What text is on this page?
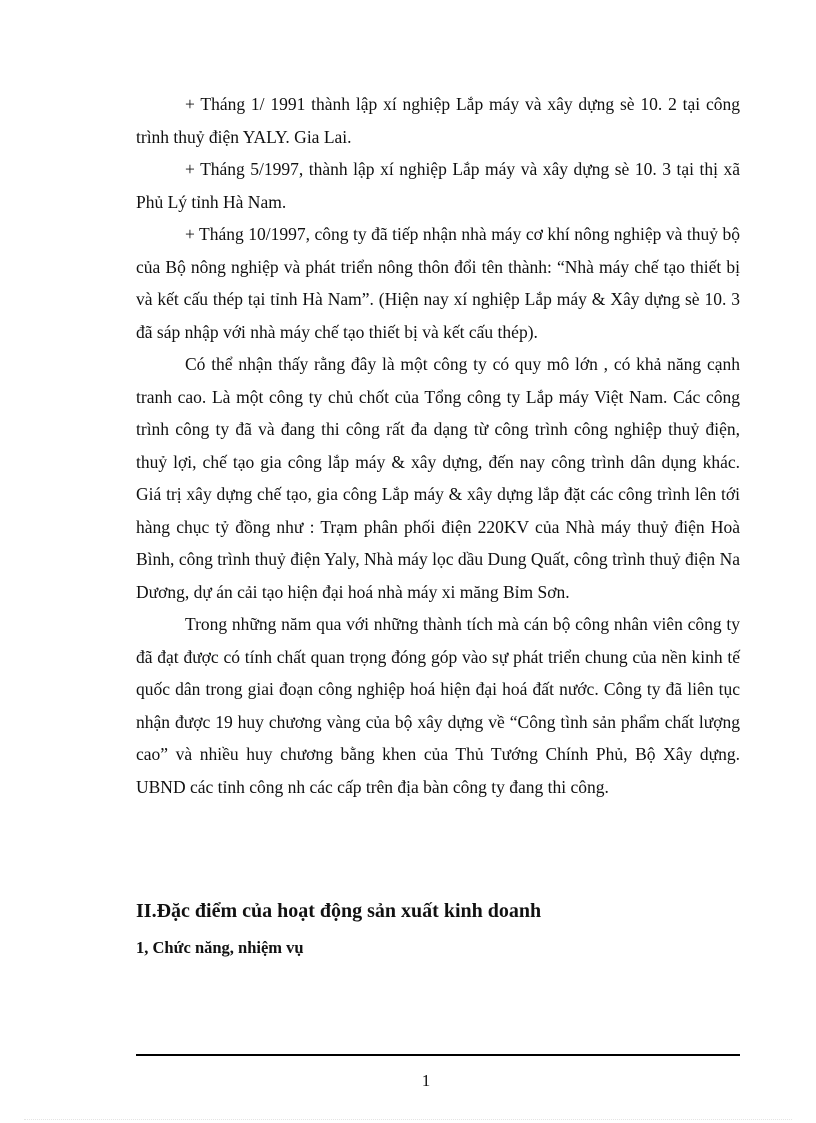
+ Tháng 1/ 1991 thành lập xí nghiệp Lắp máy và xây dựng sè 10. 2 tại công trình thuỷ điện YALY. Gia Lai.

+ Tháng 5/1997, thành lập xí nghiệp Lắp máy và xây dựng sè 10. 3 tại thị xã Phủ Lý tỉnh Hà Nam.

+ Tháng 10/1997, công ty đã tiếp nhận nhà máy cơ khí nông nghiệp và thuỷ bộ của Bộ nông nghiệp và phát triển nông thôn đổi tên thành: “Nhà máy chế tạo thiết bị và kết cấu thép tại tỉnh Hà Nam”. (Hiện nay xí nghiệp Lắp máy & Xây dựng sè 10. 3 đã sáp nhập với nhà máy chế tạo thiết bị và kết cấu thép).

Có thể nhận thấy rằng đây là một công ty có quy mô lớn , có khả năng cạnh tranh cao. Là một công ty chủ chốt của Tổng công ty Lắp máy Việt Nam. Các công trình công ty đã và đang thi công rất đa dạng từ công trình công nghiệp thuỷ điện, thuỷ lợi, chế tạo gia công lắp máy & xây dựng, đến nay công trình dân dụng khác. Giá trị xây dựng chế tạo, gia công Lắp máy & xây dựng lắp đặt các công trình lên tới hàng chục tỷ đồng như : Trạm phân phối điện 220KV của Nhà máy thuỷ điện Hoà Bình, công trình thuỷ điện Yaly, Nhà máy lọc dầu Dung Quất, công trình thuỷ điện Na Dương, dự án cải tạo hiện đại hoá nhà máy xi măng Bỉm Sơn.

Trong những năm qua với những thành tích mà cán bộ công nhân viên công ty đã đạt được có tính chất quan trọng đóng góp vào sự phát triển chung của nền kinh tế quốc dân trong giai đoạn công nghiệp hoá hiện đại hoá đất nước. Công ty đã liên tục nhận được 19 huy chương vàng của bộ xây dựng về “Công tình sản phẩm chất lượng cao” và nhiều huy chương bằng khen của Thủ Tướng Chính Phủ, Bộ Xây dựng. UBND các tỉnh công nh các cấp trên địa bàn công ty đang thi công.

II.Đặc điểm của hoạt động sản xuất kinh doanh
1, Chức năng, nhiệm vụ
1
